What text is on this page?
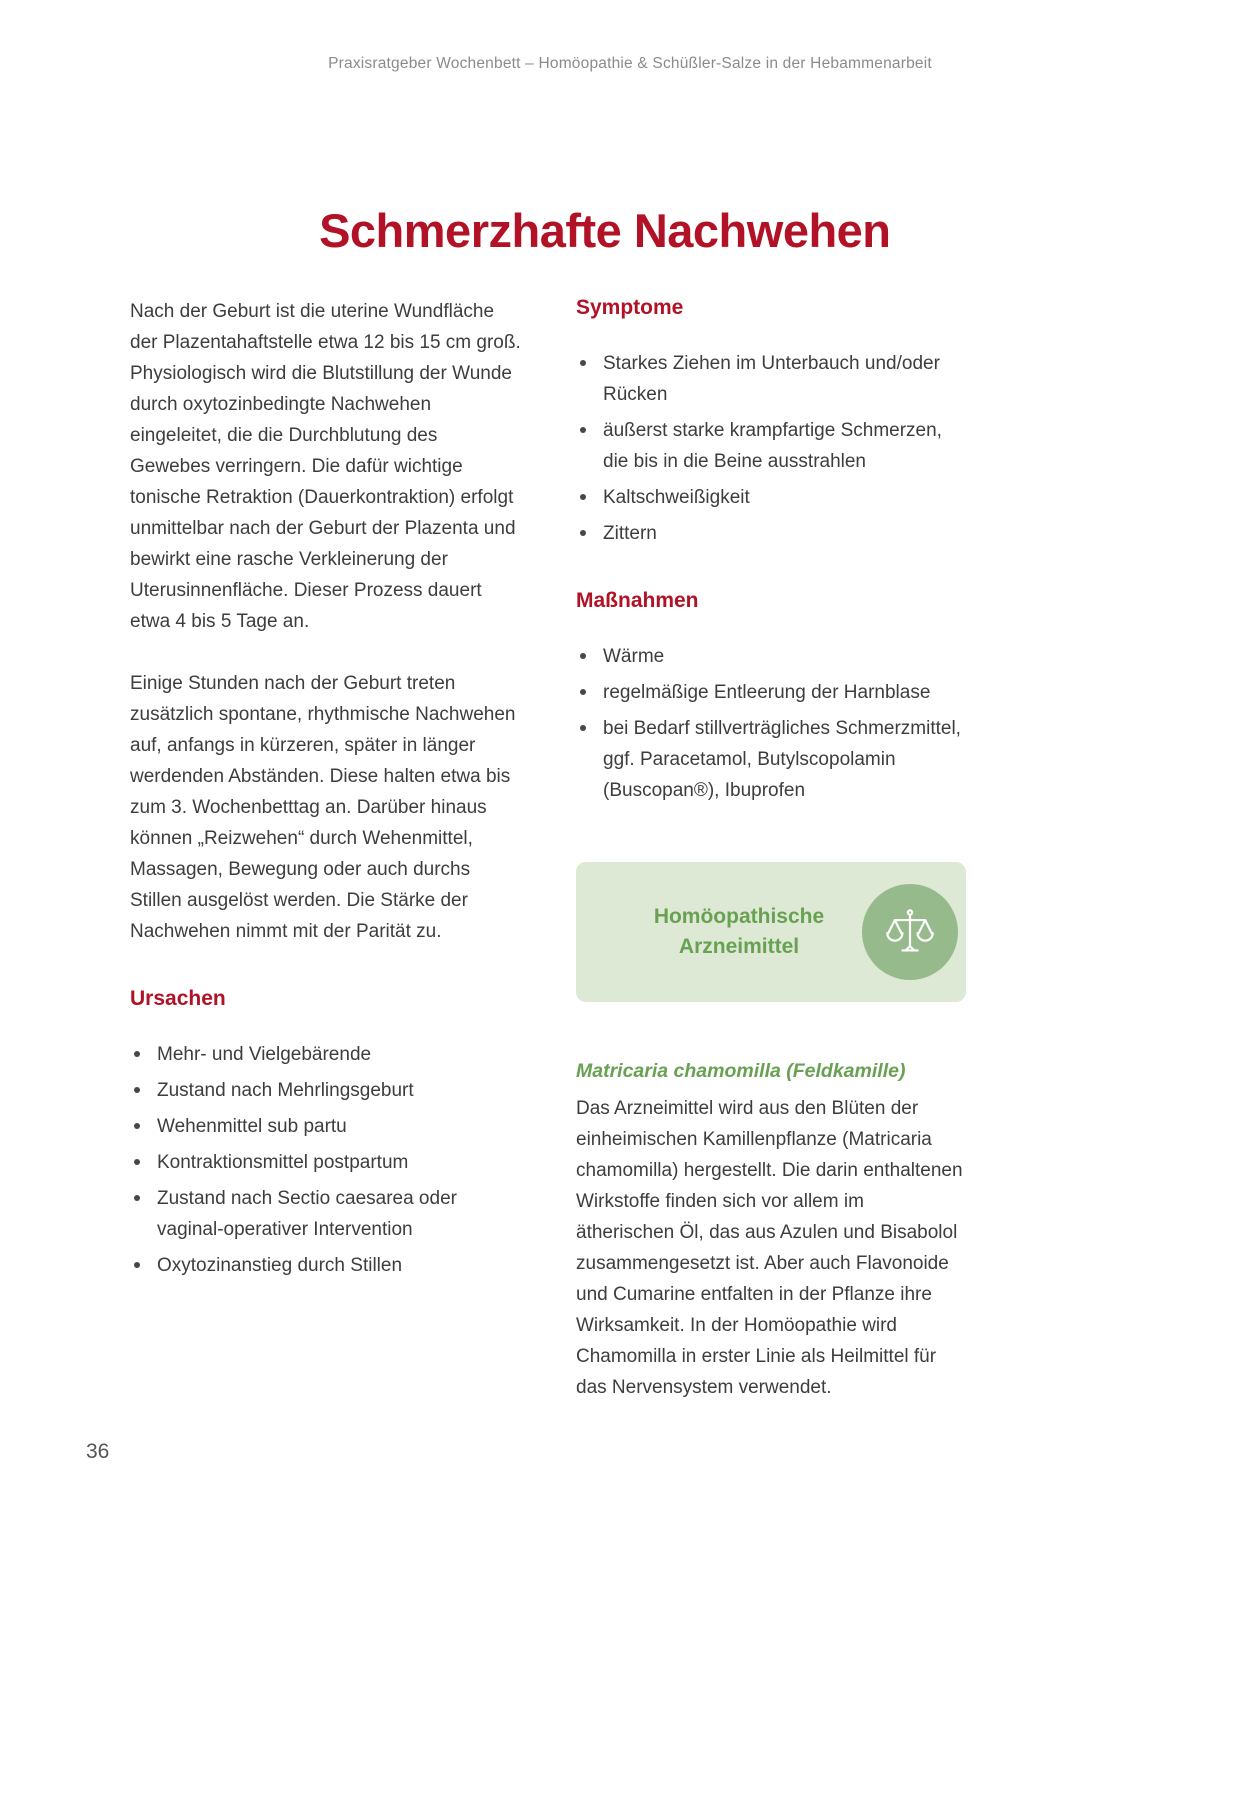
Praxisratgeber Wochenbett – Homöopathie & Schüßler-Salze in der Hebammenarbeit
Schmerzhafte Nachwehen

Nach der Geburt ist die uterine Wundfläche der Plazentahaftstelle etwa 12 bis 15 cm groß. Physiologisch wird die Blutstillung der Wunde durch oxytozinbedingte Nachwehen eingeleitet, die die Durchblutung des Gewebes verringern. Die dafür wichtige tonische Retraktion (Dauerkontraktion) erfolgt unmittelbar nach der Geburt der Plazenta und bewirkt eine rasche Verkleinerung der Uterusinnenfläche. Dieser Prozess dauert etwa 4 bis 5 Tage an.

Einige Stunden nach der Geburt treten zusätzlich spontane, rhythmische Nachwehen auf, anfangs in kürzeren, später in länger werdenden Abständen. Diese halten etwa bis zum 3. Wochenbetttag an. Darüber hinaus können „Reizwehen“ durch Wehenmittel, Massagen, Bewegung oder auch durchs Stillen ausgelöst werden. Die Stärke der Nachwehen nimmt mit der Parität zu.

Ursachen
Mehr- und Vielgebärende
Zustand nach Mehrlingsgeburt
Wehenmittel sub partu
Kontraktionsmittel postpartum
Zustand nach Sectio caesarea oder vaginal-operativer Intervention
Oxytozinanstieg durch Stillen
Symptome
Starkes Ziehen im Unterbauch und/oder Rücken
äußerst starke krampfartige Schmerzen, die bis in die Beine ausstrahlen
Kaltschweißigkeit
Zittern
Maßnahmen
Wärme
regelmäßige Entleerung der Harnblase
bei Bedarf stillverträgliches Schmerzmittel, ggf. Paracetamol, Butylscopolamin (Buscopan®), Ibuprofen
Homöopathische
Arzneimittel
Matricaria chamomilla (Feldkamille)

Das Arzneimittel wird aus den Blüten der einheimischen Kamillenpflanze (Matricaria chamomilla) hergestellt. Die darin enthaltenen Wirkstoffe finden sich vor allem im ätherischen Öl, das aus Azulen und Bisabolol zusammengesetzt ist. Aber auch Flavonoide und Cumarine entfalten in der Pflanze ihre Wirksamkeit. In der Homöopathie wird Chamomilla in erster Linie als Heilmittel für das Nervensystem verwendet.

36
